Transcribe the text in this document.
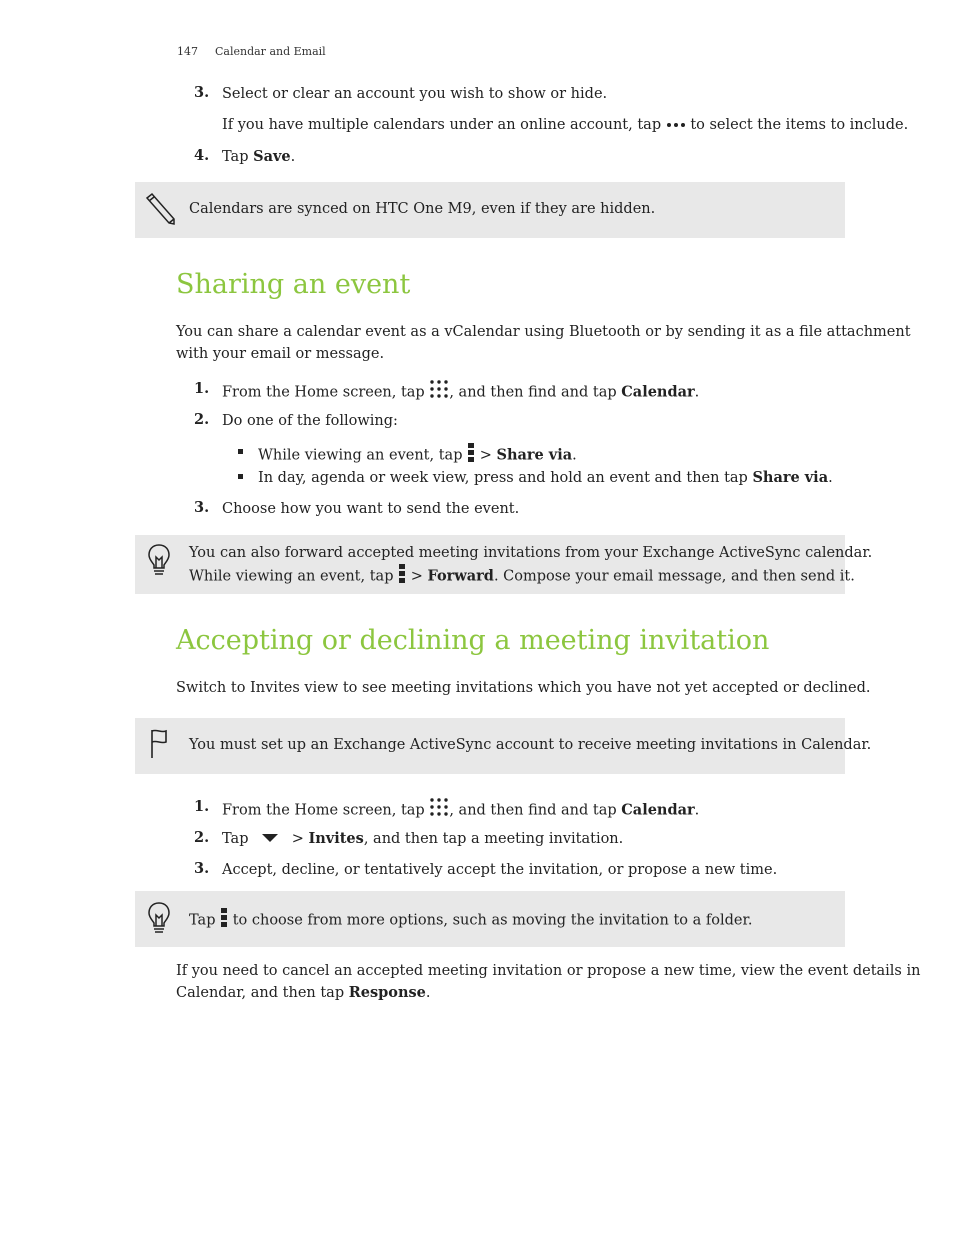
147 Calendar and Email
3. Select or clear an account you wish to show or hide.
If you have multiple calendars under an online account, tap to select the items to include.
4. Tap Save.
Calendars are synced on HTC One M9, even if they are hidden.
Sharing an event
You can share a calendar event as a vCalendar using Bluetooth or by sending it as a file attachment
with your email or message.
1. From the Home screen, tap , and then find and tap Calendar.
2. Do one of the following:
While viewing an event, tap > Share via.
In day, agenda or week view, press and hold an event and then tap Share via.
3. Choose how you want to send the event.
You can also forward accepted meeting invitations from your Exchange ActiveSync calendar.
While viewing an event, tap > Forward. Compose your email message, and then send it.
Accepting or declining a meeting invitation
Switch to Invites view to see meeting invitations which you have not yet accepted or declined.
You must set up an Exchange ActiveSync account to receive meeting invitations in Calendar.
1. From the Home screen, tap , and then find and tap Calendar.
2. Tap	> Invites, and then tap a meeting invitation.
3. Accept, decline, or tentatively accept the invitation, or propose a new time.
Tap to choose from more options, such as moving the invitation to a folder.
If you need to cancel an accepted meeting invitation or propose a new time, view the event details in
Calendar, and then tap Response.
